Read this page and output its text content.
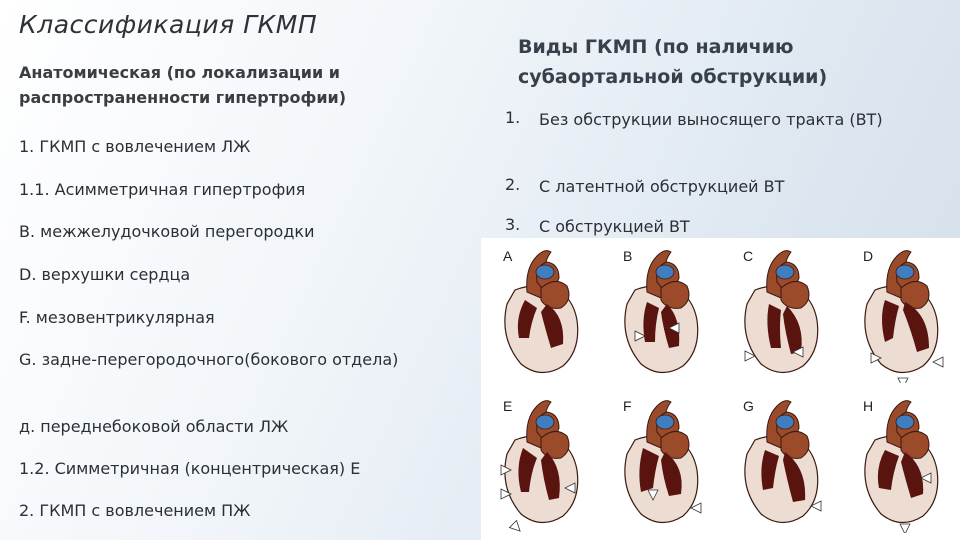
Классификация ГКМП
Анатомическая (по локализации и распространенности гипертрофии)
1. ГКМП с вовлечением ЛЖ
1.1. Асимметричная гипертрофия
В. межжелудочковой перегородки
D. верхушки сердца
F. мезовентрикулярная
G. задне-перегородочного(бокового отдела)
д. переднебоковой области ЛЖ
1.2. Симметричная (концентрическая) Е
2. ГКМП с вовлечением ПЖ
Виды ГКМП (по наличию субаортальной обструкции)
1. Без обструкции выносящего тракта (ВТ)
2. С латентной обструкцией ВТ
3. С обструкцией ВТ
A	B	C	D
E	F	G	H
